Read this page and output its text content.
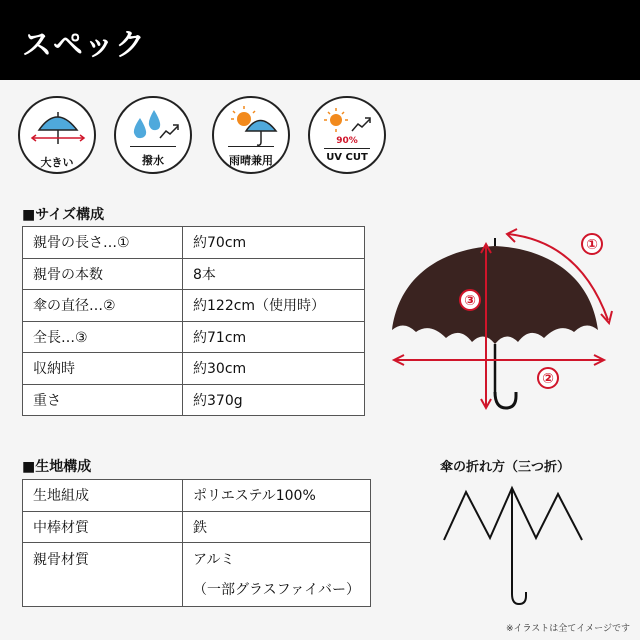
スペック
大きい	撥水	雨晴兼用
90%
UV CUT
■サイズ構成
親骨の長さ…①	約70cm
親骨の本数	8本
傘の直径…②	約122cm（使用時）
全長…③	約71cm
収納時	約30cm
重さ	約370g
③
②
①
■生地構成
生地組成	ポリエステル100%
中棒材質	鉄
親骨材質	アルミ
（一部グラスファイバー）
傘の折れ方（三つ折）
※イラストは全てイメージです
